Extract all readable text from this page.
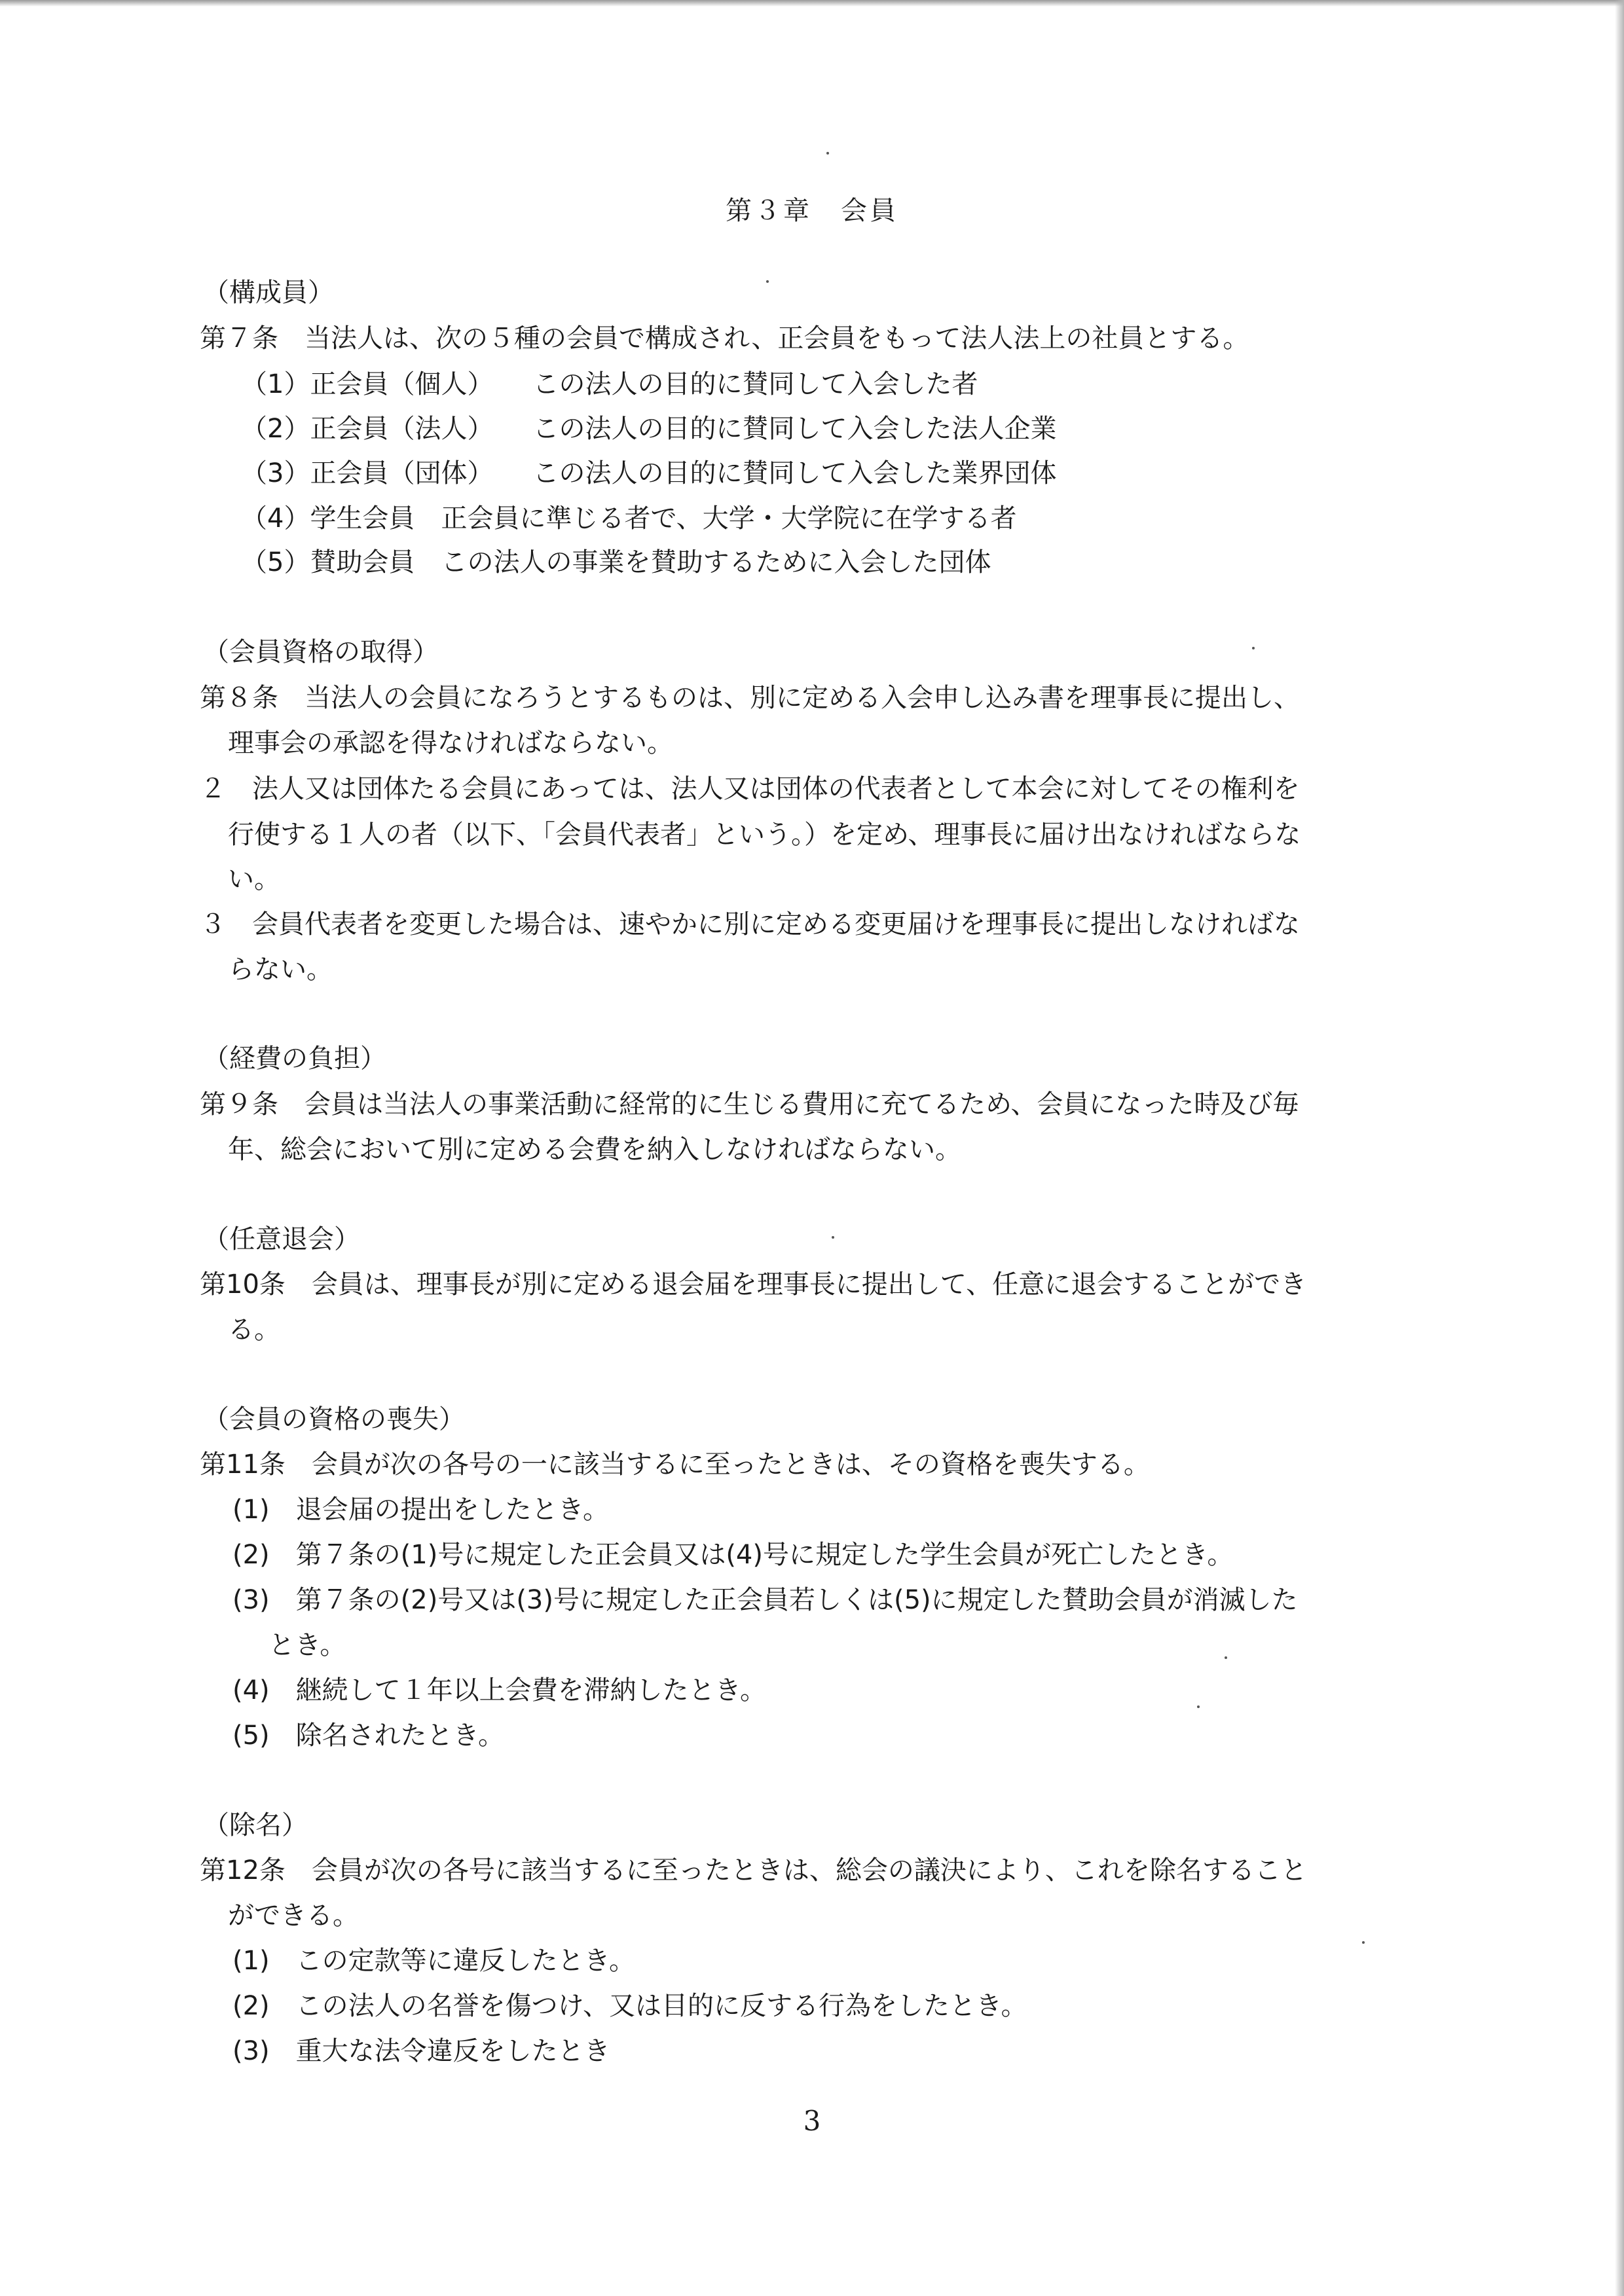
第３章　会員
（構成員）
第７条　当法人は、次の５種の会員で構成され、正会員をもって法人法上の社員とする。
（1）正会員（個人）　　この法人の目的に賛同して入会した者
（2）正会員（法人）　　この法人の目的に賛同して入会した法人企業
（3）正会員（団体）　　この法人の目的に賛同して入会した業界団体
（4）学生会員　正会員に準じる者で、大学・大学院に在学する者
（5）賛助会員　この法人の事業を賛助するために入会した団体
（会員資格の取得）
第８条　当法人の会員になろうとするものは、別に定める入会申し込み書を理事長に提出し、
理事会の承認を得なければならない。
２　法人又は団体たる会員にあっては、法人又は団体の代表者として本会に対してその権利を
行使する１人の者（以下、「会員代表者」という。）を定め、理事長に届け出なければならな
い。
３　会員代表者を変更した場合は、速やかに別に定める変更届けを理事長に提出しなければな
らない。
（経費の負担）
第９条　会員は当法人の事業活動に経常的に生じる費用に充てるため、会員になった時及び毎
年、総会において別に定める会費を納入しなければならない。
（任意退会）
第10条　会員は、理事長が別に定める退会届を理事長に提出して、任意に退会することができ
る。
（会員の資格の喪失）
第11条　会員が次の各号の一に該当するに至ったときは、その資格を喪失する。
(1)　退会届の提出をしたとき。
(2)　第７条の(1)号に規定した正会員又は(4)号に規定した学生会員が死亡したとき。
(3)　第７条の(2)号又は(3)号に規定した正会員若しくは(5)に規定した賛助会員が消滅した
とき。
(4)　継続して１年以上会費を滞納したとき。
(5)　除名されたとき。
（除名）
第12条　会員が次の各号に該当するに至ったときは、総会の議決により、これを除名すること
ができる。
(1)　この定款等に違反したとき。
(2)　この法人の名誉を傷つけ、又は目的に反する行為をしたとき。
(3)　重大な法令違反をしたとき
3
